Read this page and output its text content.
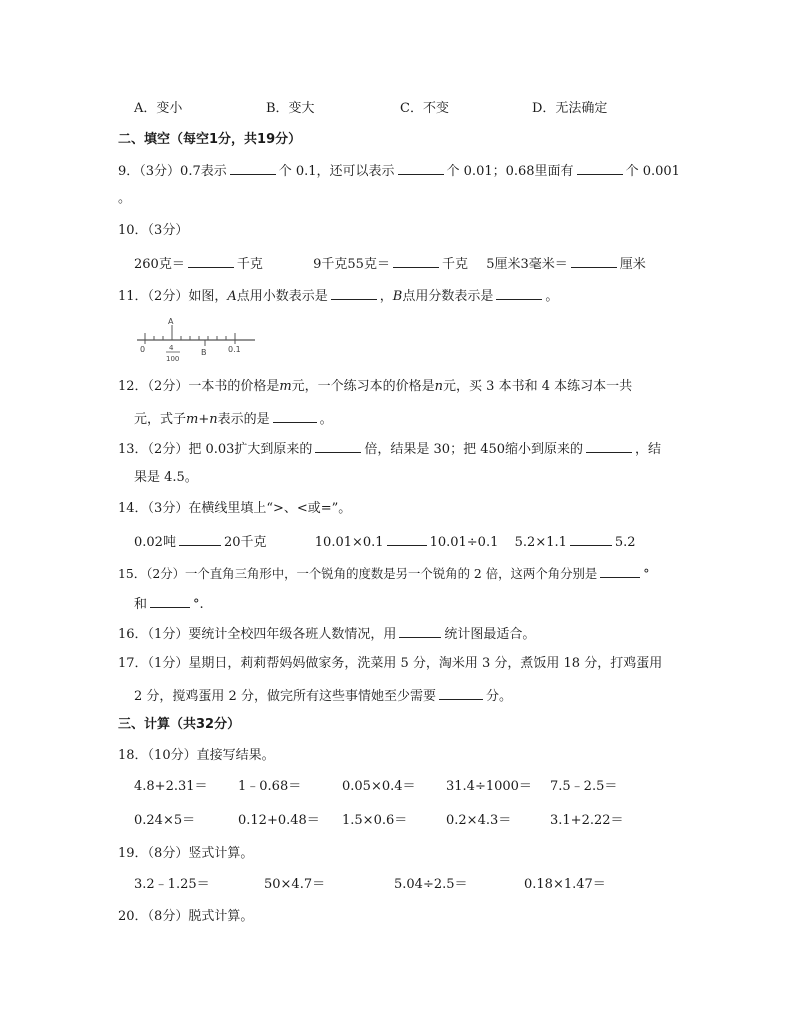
A．变小	B．变大	C．不变	D．无法确定
二、填空（每空1分，共19分）
9．（3分）0.7表示	个 0.1，还可以表示	个 0.01；0.68里面有	个 0.001
。
10．（3分）
260克＝	千克	9千克55克＝	千克 5厘米3毫米＝	厘米
11．（2分）如图，A点用小数表示是	，B点用分数表示是	。
A
0	4
100
B	0.1
12．（2分）一本书的价格是m元，一个练习本的价格是n元，买 3 本书和 4 本练习本一共
元，式子m+n表示的是	。
13．（2分）把 0.03扩大到原来的	倍，结果是 30；把 450缩小到原来的	，结
果是 4.5。
14．（3分）在横线里填上“>、<或=”。
0.02吨	20千克	10.01×0.1	10.01÷0.1 5.2×1.1	5.2
15．（2分）一个直角三角形中，一个锐角的度数是另一个锐角的 2 倍，这两个角分别是	°
和	°.
16．（1分）要统计全校四年级各班人数情况，用	统计图最适合。
17．（1分）星期日，莉莉帮妈妈做家务，洗菜用 5 分，淘米用 3 分，煮饭用 18 分，打鸡蛋用
2 分，搅鸡蛋用 2 分，做完所有这些事情她至少需要	分。
三、计算（共32分）
18．（10分）直接写结果。
4.8+2.31＝ 1﹣0.68＝	0.05×0.4＝ 31.4÷1000＝ 7.5﹣2.5＝
0.24×5＝	0.12+0.48＝ 1.5×0.6＝	0.2×4.3＝	3.1+2.22＝
19．（8分）竖式计算。
3.2﹣1.25＝	50×4.7＝	5.04÷2.5＝	0.18×1.47＝
20．（8分）脱式计算。
